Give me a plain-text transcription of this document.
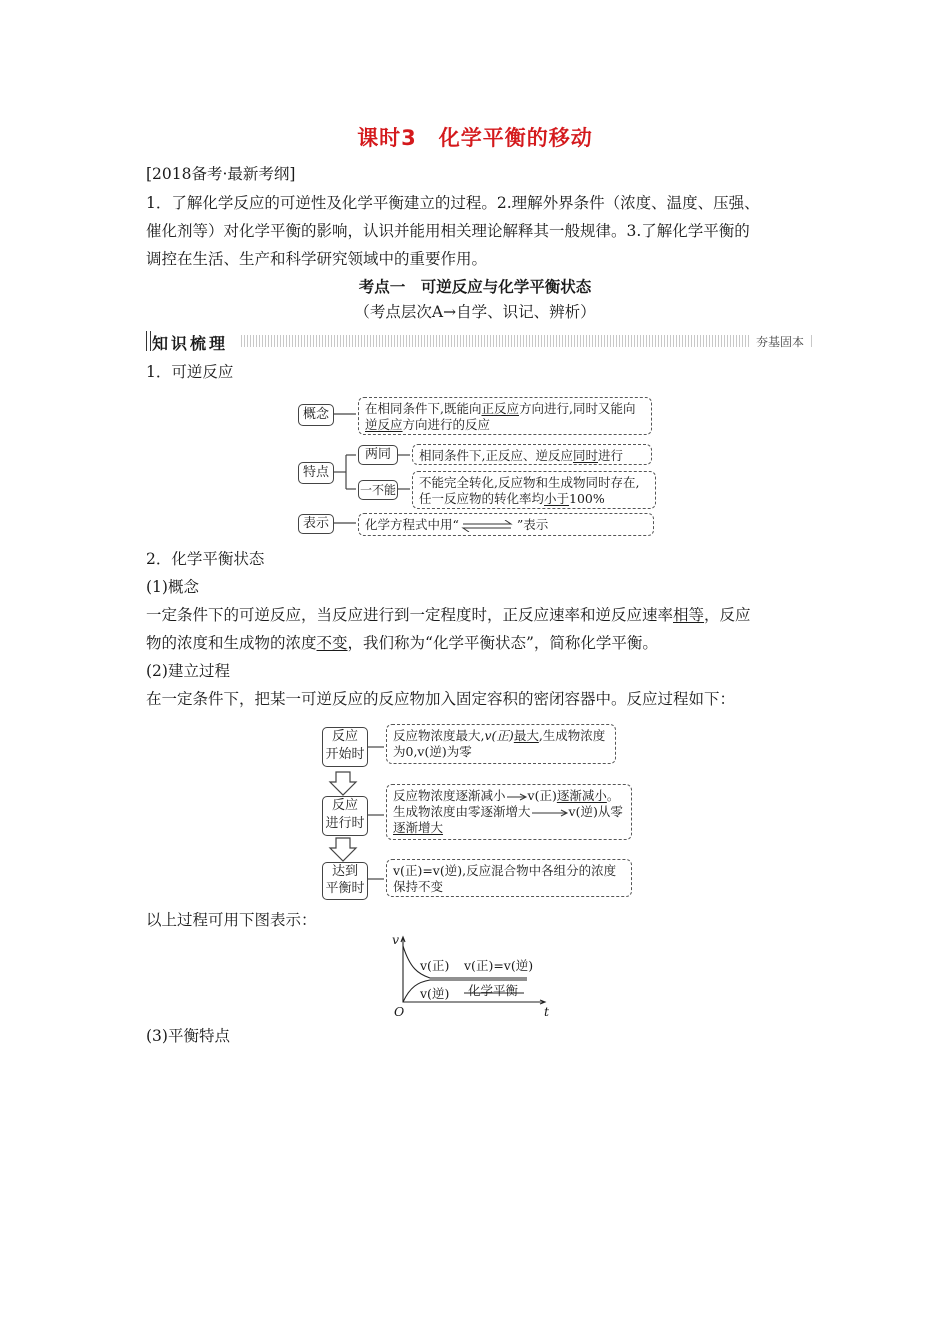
课时3　化学平衡的移动
[2018备考·最新考纲]
1．了解化学反应的可逆性及化学平衡建立的过程。2.理解外界条件（浓度、温度、压强、
催化剂等）对化学平衡的影响，认识并能用相关理论解释其一般规律。3.了解化学平衡的
调控在生活、生产和科学研究领域中的重要作用。
考点一　可逆反应与化学平衡状态
（考点层次A→自学、识记、辨析）
知识梳理	夯基固本
1．可逆反应
概念	在相同条件下,既能向正反应方向进行,同时又能向
逆反应方向进行的反应
特点
两同	相同条件下,正反应、逆反应同时进行
一不能	不能完全转化,反应物和生成物同时存在,
任一反应物的转化率均小于100%
表示	化学方程式中用“	”表示
2．化学平衡状态
(1)概念
一定条件下的可逆反应，当反应进行到一定程度时，正反应速率和逆反应速率相等，反应
物的浓度和生成物的浓度不变，我们称为“化学平衡状态”，简称化学平衡。
(2)建立过程
在一定条件下，把某一可逆反应的反应物加入固定容积的密闭容器中。反应过程如下：
反应
开始时
反应物浓度最大,v(正)最大,生成物浓度
为0,v(逆)为零
反应
进行时
反应物浓度逐渐减小 v(正)逐渐减小。
生成物浓度由零逐渐增大	v(逆)从零
逐渐增大
达到
平衡时
v(正)=v(逆),反应混合物中各组分的浓度
保持不变
以上过程可用下图表示：
v
t
O
v(正)
v(逆)
v(正)=v(逆)
化学平衡
(3)平衡特点
